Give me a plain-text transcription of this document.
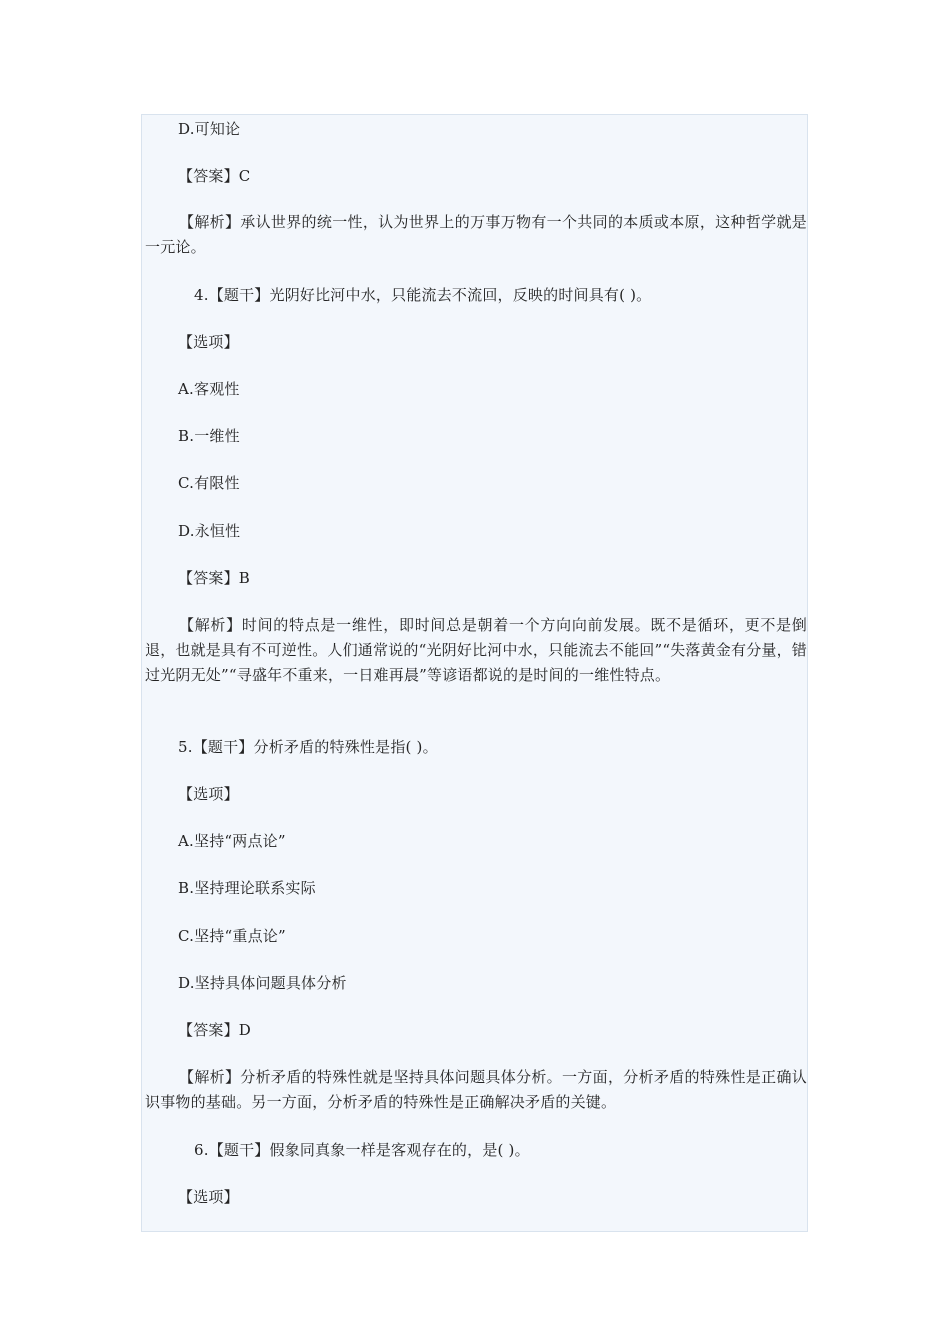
D.可知论
【答案】C
【解析】承认世界的统一性，认为世界上的万事万物有一个共同的本质或本原，这种哲学就是一元论。
4.【题干】光阴好比河中水，只能流去不流回，反映的时间具有( )。
【选项】
A.客观性
B.一维性
C.有限性
D.永恒性
【答案】B
【解析】时间的特点是一维性，即时间总是朝着一个方向向前发展。既不是循环，更不是倒退，也就是具有不可逆性。人们通常说的“光阴好比河中水，只能流去不能回”“失落黄金有分量，错过光阴无处”“寻盛年不重来，一日难再晨”等谚语都说的是时间的一维性特点。
5.【题干】分析矛盾的特殊性是指( )。
【选项】
A.坚持“两点论”
B.坚持理论联系实际
C.坚持“重点论”
D.坚持具体问题具体分析
【答案】D
【解析】分析矛盾的特殊性就是坚持具体问题具体分析。一方面，分析矛盾的特殊性是正确认识事物的基础。另一方面，分析矛盾的特殊性是正确解决矛盾的关键。
6.【题干】假象同真象一样是客观存在的，是( )。
【选项】
